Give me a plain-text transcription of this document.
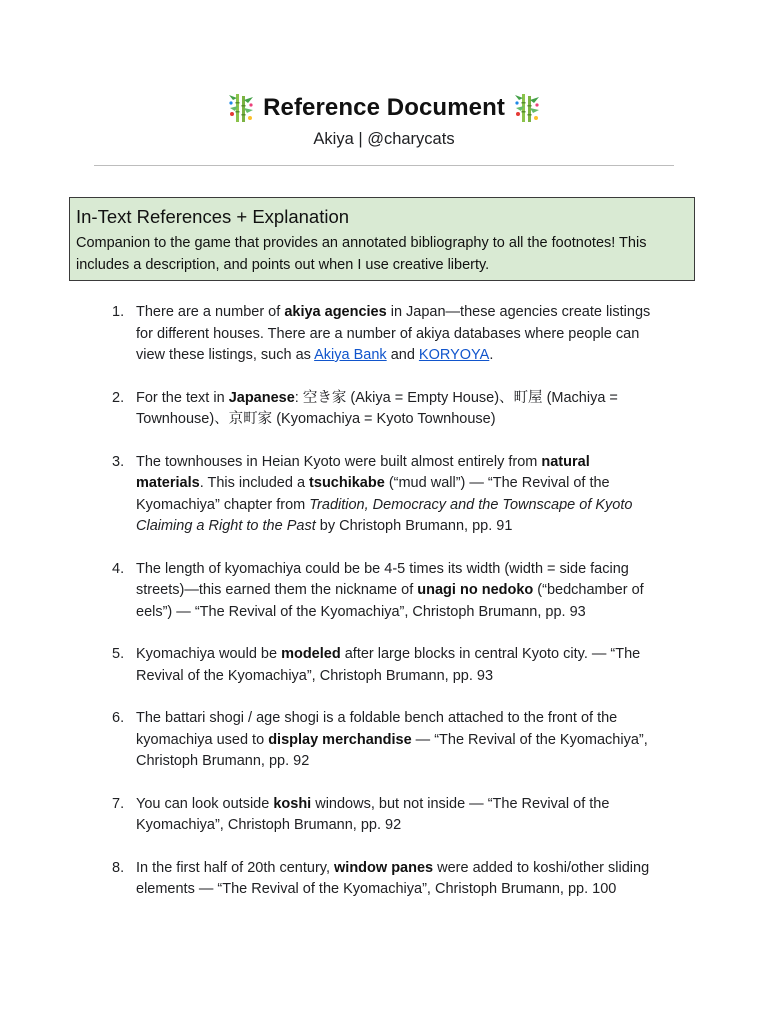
Reference Document
Akiya | @charycats
In-Text References + Explanation
Companion to the game that provides an annotated bibliography to all the footnotes! This includes a description, and points out when I use creative liberty.
1. There are a number of akiya agencies in Japan—these agencies create listings for different houses. There are a number of akiya databases where people can view these listings, such as Akiya Bank and KORYOYA.
2. For the text in Japanese: 空き家 (Akiya = Empty House)、町屋 (Machiya = Townhouse)、京町家 (Kyomachiya = Kyoto Townhouse)
3. The townhouses in Heian Kyoto were built almost entirely from natural materials. This included a tsuchikabe (“mud wall”) — “The Revival of the Kyomachiya” chapter from Tradition, Democracy and the Townscape of Kyoto Claiming a Right to the Past by Christoph Brumann, pp. 91
4. The length of kyomachiya could be be 4-5 times its width (width = side facing streets)—this earned them the nickname of unagi no nedoko (“bedchamber of eels”) — “The Revival of the Kyomachiya”, Christoph Brumann, pp. 93
5. Kyomachiya would be modeled after large blocks in central Kyoto city. — “The Revival of the Kyomachiya”, Christoph Brumann, pp. 93
6. The battari shogi / age shogi is a foldable bench attached to the front of the kyomachiya used to display merchandise — “The Revival of the Kyomachiya”, Christoph Brumann, pp. 92
7. You can look outside koshi windows, but not inside — “The Revival of the Kyomachiya”, Christoph Brumann, pp. 92
8. In the first half of 20th century, window panes were added to koshi/other sliding elements — “The Revival of the Kyomachiya”, Christoph Brumann, pp. 100
